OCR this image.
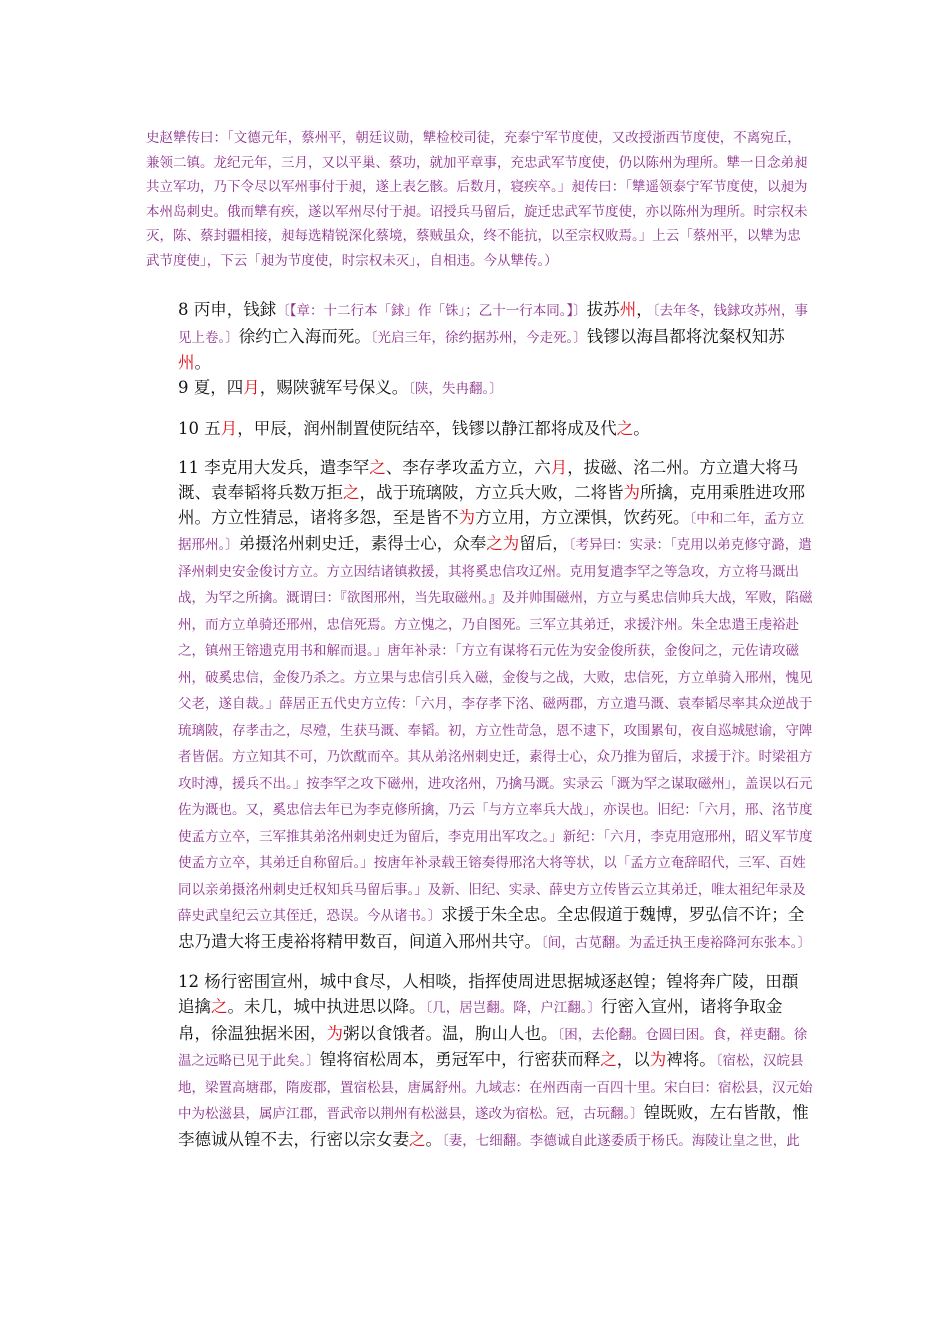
史赵犨传曰：「文德元年，蔡州平，朝廷议勋，犨检校司徒，充泰宁军节度使，又改授浙西节度使，不离宛丘，兼领二镇。龙纪元年，三月，又以平巢、蔡功，就加平章事，充忠武军节度使，仍以陈州为理所。犨一日念弟昶共立军功，乃下令尽以军州事付于昶，遂上表乞骸。后数月，寝疾卒。」昶传曰：「犨遥领泰宁军节度使，以昶为本州岛刺史。俄而犨有疾，遂以军州尽付于昶。诏授兵马留后，旋迁忠武军节度使，亦以陈州为理所。时宗权未灭，陈、蔡封疆相接，昶每选精锐深化蔡境，蔡贼虽众，终不能抗，以至宗权败焉。」上云「蔡州平，以犨为忠武节度使」，下云「昶为节度使，时宗权未灭」，自相违。今从犨传。）

8 丙申，钱銶〔【章：十二行本「銶」作「铢」；乙十一行本同。】〕拔苏州，〔去年冬，钱銶攻苏州，事见上卷。〕徐约亡入海而死。〔光启三年，徐约据苏州，今走死。〕钱镠以海昌都将沈粲权知苏州。

9 夏，四月，赐陕虢军号保义。〔陕，失冉翻。〕

10 五月，甲辰，润州制置使阮结卒，钱镠以静江都将成及代之。

11 李克用大发兵，遣李罕之、李存孝攻孟方立，六月，拔磁、洺二州。方立遣大将马溉、袁奉韬将兵数万拒之，战于琉璃陂，方立兵大败，二将皆为所擒，克用乘胜进攻邢州。方立性猜忌，诸将多怨，至是皆不为方立用，方立溧惧，饮药死。〔中和二年，孟方立据邢州。〕弟摄洺州刺史迁，素得士心，众奉之为留后，〔考异曰：实录：「克用以弟克修守潞，遣泽州刺史安金俊讨方立。方立因结诸镇救援，其将奚忠信攻辽州。克用复遣李罕之等急攻，方立将马溉出战，为罕之所擒。溉谓曰：『欲图邢州，当先取磁州。』及并帅围磁州，方立与奚忠信帅兵大战，军败，陷磁州，而方立单骑还邢州，忠信死焉。方立愧之，乃自图死。三军立其弟迁，求援汴州。朱全忠遣王虔裕赴之，镇州王镕遗克用书和解而退。」唐年补录：「方立有谋将石元佐为安金俊所获，金俊问之，元佐请攻磁州，破奚忠信，金俊乃杀之。方立果与忠信引兵入磁，金俊与之战，大败，忠信死，方立单骑入邢州，愧见父老，遂自裁。」薛居正五代史方立传：「六月，李存孝下洺、磁两郡，方立遣马溉、袁奉韬尽率其众逆战于琉璃陂，存孝击之，尽殪，生获马溉、奉韬。初，方立性苛急，恩不逮下，攻围累旬，夜自巡城慰谕，守陴者皆倨。方立知其不可，乃饮酖而卒。其从弟洺州刺史迁，素得士心，众乃推为留后，求援于汴。时梁祖方攻时溥，援兵不出。」按李罕之攻下磁州，进攻洺州，乃擒马溉。实录云「溉为罕之谋取磁州」，盖误以石元佐为溉也。又，奚忠信去年已为李克修所擒，乃云「与方立率兵大战」，亦误也。旧纪：「六月，邢、洺节度使孟方立卒，三军推其弟洺州刺史迁为留后，李克用出军攻之。」新纪：「六月，李克用寇邢州，昭义军节度使孟方立卒，其弟迁自称留后。」按唐年补录载王镕奏得邢洺大将等状，以「孟方立奄辞昭代，三军、百姓同以亲弟摄洺州刺史迁权知兵马留后事。」及新、旧纪、实录、薛史方立传皆云立其弟迁，唯太祖纪年录及薛史武皇纪云立其侄迁，恐误。今从诸书。〕求援于朱全忠。全忠假道于魏博，罗弘信不许；全忠乃遣大将王虔裕将精甲数百，间道入邢州共守。〔间，古苋翻。为孟迁执王虔裕降河东张本。〕

12 杨行密围宣州，城中食尽，人相啖，指挥使周进思据城逐赵锽；锽将奔广陵，田頵追擒之。未几，城中执进思以降。〔几，居岂翻。降，户江翻。〕行密入宣州，诸将争取金帛，徐温独据米困，为粥以食饿者。温，朐山人也。〔困，去伦翻。仓圆曰困。食，祥吏翻。徐温之远略已见于此矣。〕锽将宿松周本，勇冠军中，行密获而释之，以为裨将。〔宿松，汉皖县地，梁置高塘郡，隋废郡，置宿松县，唐属舒州。九域志：在州西南一百四十里。宋白曰：宿松县，汉元始中为松滋县，属庐江郡，晋武帝以荆州有松滋县，遂改为宿松。冠，古玩翻。〕锽既败，左右皆散，惟李德诚从锽不去，行密以宗女妻之。〔妻，七细翻。李德诚自此遂委质于杨氏。海陵让皇之世，此
